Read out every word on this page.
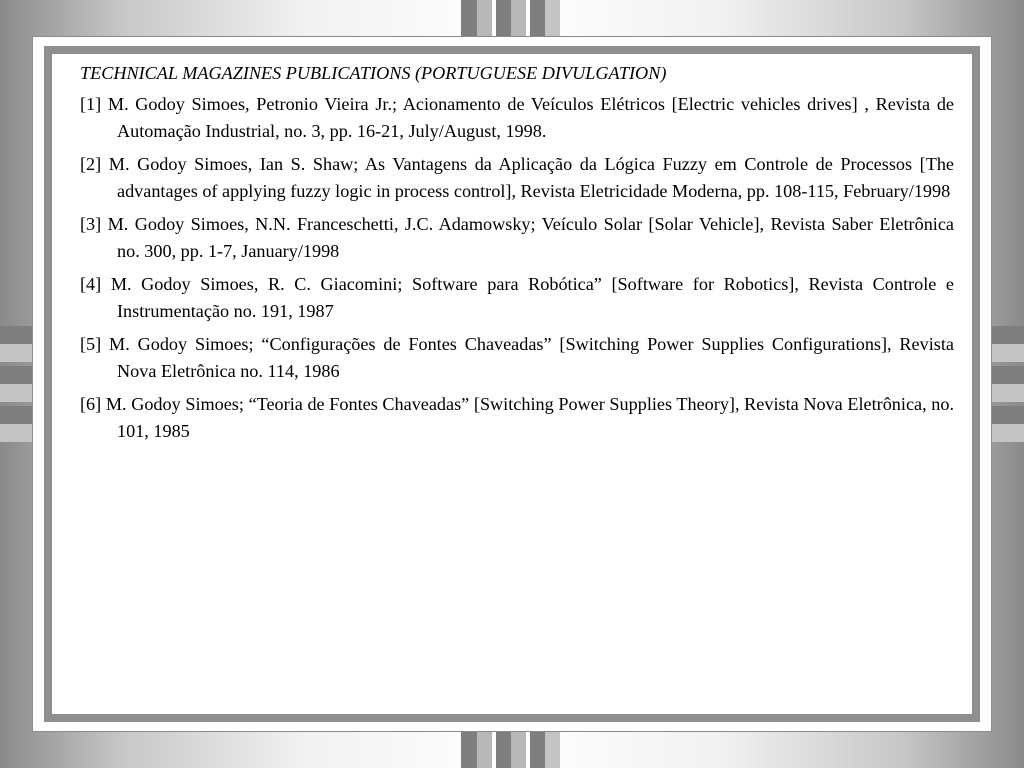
TECHNICAL MAGAZINES PUBLICATIONS (PORTUGUESE DIVULGATION)
[1] M. Godoy Simoes, Petronio Vieira Jr.; Acionamento de Veículos Elétricos [Electric vehicles drives] , Revista de Automação Industrial, no. 3, pp. 16-21, July/August, 1998.
[2] M. Godoy Simoes, Ian S. Shaw; As Vantagens da Aplicação da Lógica Fuzzy em Controle de Processos [The advantages of applying fuzzy logic in process control], Revista Eletricidade Moderna, pp. 108-115, February/1998
[3] M. Godoy Simoes, N.N. Franceschetti, J.C. Adamowsky; Veículo Solar [Solar Vehicle], Revista Saber Eletrônica no. 300, pp. 1-7, January/1998
[4] M. Godoy Simoes, R. C. Giacomini; Software para Robótica” [Software for Robotics], Revista Controle e Instrumentação no. 191, 1987
[5] M. Godoy Simoes; “Configurações de Fontes Chaveadas” [Switching Power Supplies Configurations], Revista Nova Eletrônica no. 114, 1986
[6] M. Godoy Simoes; “Teoria de Fontes Chaveadas” [Switching Power Supplies Theory], Revista Nova Eletrônica, no. 101, 1985
